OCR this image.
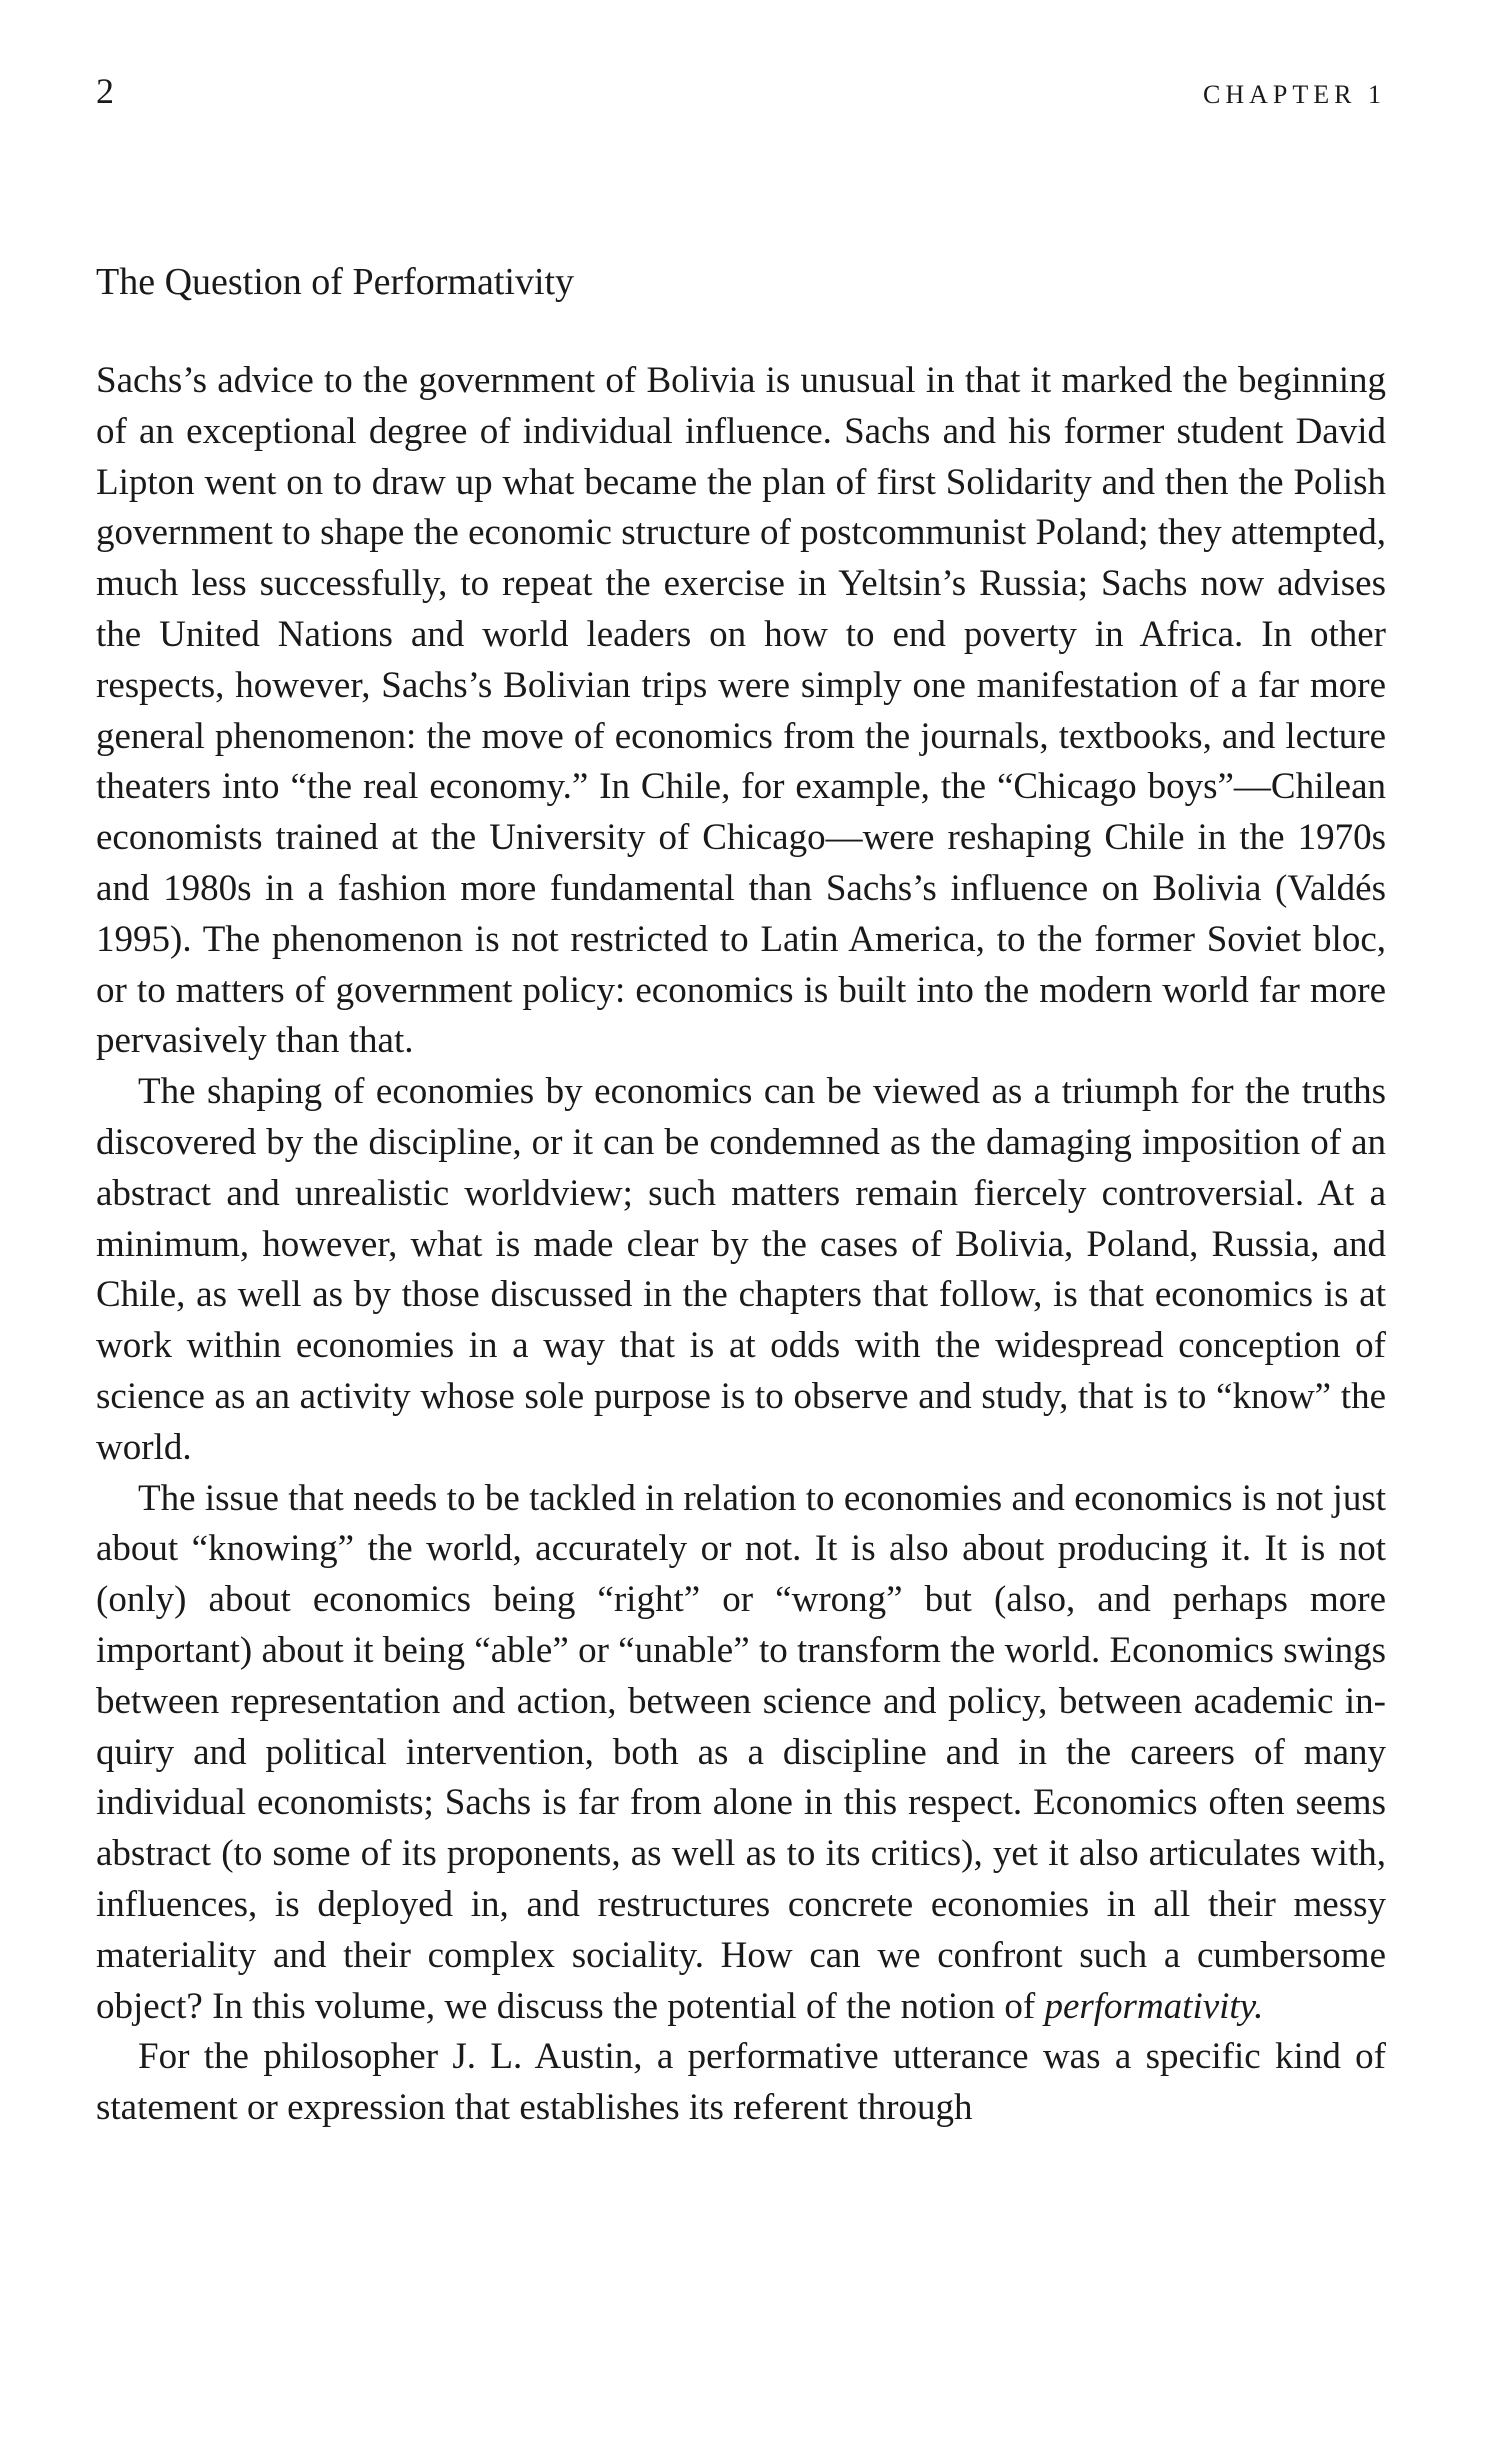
2	CHAPTER 1
The Question of Performativity

Sachs’s advice to the government of Bolivia is unusual in that it marked the beginning of an exceptional degree of individual influence. Sachs and his former student David Lipton went on to draw up what became the plan of first Solidarity and then the Polish government to shape the economic structure of postcommunist Poland; they attempted, much less successfully, to repeat the exercise in Yeltsin’s Russia; Sachs now advises the United Nations and world leaders on how to end poverty in Africa. In other respects, however, Sachs’s Bolivian trips were simply one manifestation of a far more general phenomenon: the move of economics from the journals, textbooks, and lecture theaters into “the real economy.” In Chile, for example, the “Chicago boys”—Chilean economists trained at the University of Chicago—were reshaping Chile in the 1970s and 1980s in a fashion more fundamental than Sachs’s influence on Bolivia (Valdés 1995). The phenomenon is not restricted to Latin America, to the former Soviet bloc, or to matters of government policy: economics is built into the modern world far more pervasively than that.

The shaping of economies by economics can be viewed as a triumph for the truths discovered by the discipline, or it can be condemned as the damaging imposition of an abstract and unrealistic worldview; such matters remain fiercely controversial. At a minimum, however, what is made clear by the cases of Bolivia, Poland, Russia, and Chile, as well as by those discussed in the chapters that follow, is that economics is at work within economies in a way that is at odds with the widespread conception of science as an activity whose sole purpose is to observe and study, that is to “know” the world.

The issue that needs to be tackled in relation to economies and economics is not just about “knowing” the world, accurately or not. It is also about producing it. It is not (only) about economics being “right” or “wrong” but (also, and perhaps more important) about it being “able” or “unable” to transform the world. Economics swings between representation and action, between science and policy, between academic inquiry and political intervention, both as a discipline and in the careers of many individual economists; Sachs is far from alone in this respect. Economics often seems abstract (to some of its proponents, as well as to its critics), yet it also articulates with, influences, is deployed in, and restructures concrete economies in all their messy materiality and their complex sociality. How can we confront such a cumbersome object? In this volume, we discuss the potential of the notion of performativity.

For the philosopher J. L. Austin, a performative utterance was a specific kind of statement or expression that establishes its referent through
